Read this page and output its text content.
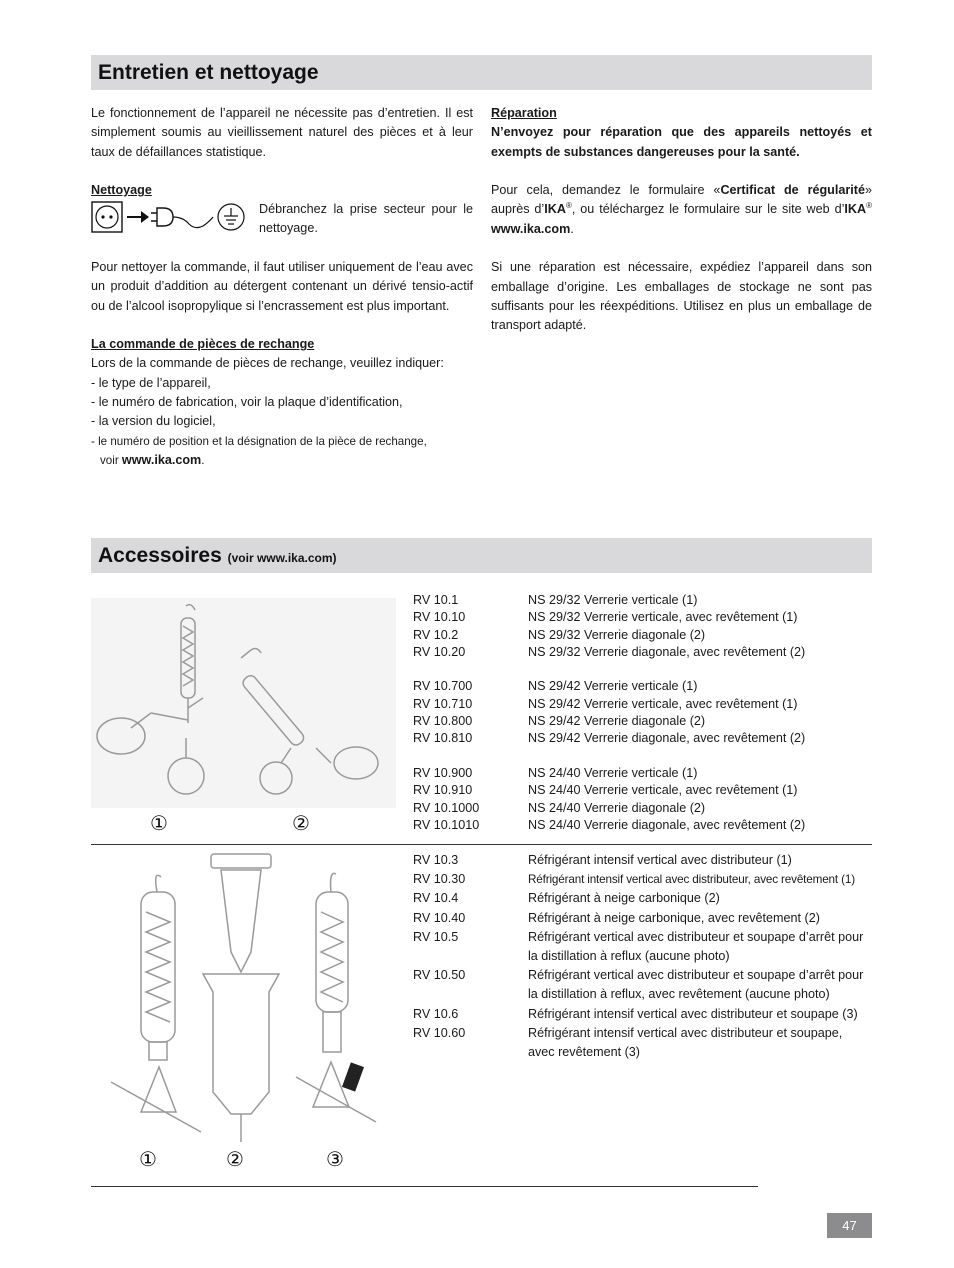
Entretien et nettoyage

Le fonctionnement de l’appareil ne nécessite pas d’entretien. Il est simplement soumis au vieillissement naturel des pièces et à leur taux de défaillances statistique.

Nettoyage

Débranchez la prise secteur pour le nettoyage.

Pour nettoyer la commande, il faut utiliser uniquement de l’eau avec un produit d’addition au détergent contenant un dérivé tensio-actif ou de l’alcool isopropylique si l’encrassement est plus important.

La commande de pièces de rechange

Lors de la commande de pièces de rechange, veuillez indiquer:

- le type de l’appareil,

- le numéro de fabrication, voir la plaque d’identification,

- la version du logiciel,

- le numéro de position et la désignation de la pièce de rechange,

voir www.ika.com.

Réparation

N’envoyez pour réparation que des appareils nettoyés et exempts de substances dangereuses pour la santé.

Pour cela, demandez le formulaire «Certificat de régularité» auprès d’IKA®, ou téléchargez le formulaire sur le site web d’IKA® www.ika.com.

Si une réparation est nécessaire, expédiez l’appareil dans son emballage d’origine. Les emballages de stockage ne sont pas suffisants pour les réexpéditions. Utilisez en plus un emballage de transport adapté.

Accessoires (voir www.ika.com)
①	②
RV 10.1	NS 29/32 Verrerie verticale (1)
RV 10.10	NS 29/32 Verrerie verticale, avec revêtement (1)
RV 10.2	NS 29/32 Verrerie diagonale (2)
RV 10.20	NS 29/32 Verrerie diagonale, avec revêtement (2)
RV 10.700	NS 29/42 Verrerie verticale (1)
RV 10.710	NS 29/42 Verrerie verticale, avec revêtement (1)
RV 10.800	NS 29/42 Verrerie diagonale (2)
RV 10.810	NS 29/42 Verrerie diagonale, avec revêtement (2)
RV 10.900	NS 24/40 Verrerie verticale (1)
RV 10.910	NS 24/40 Verrerie verticale, avec revêtement (1)
RV 10.1000	NS 24/40 Verrerie diagonale (2)
RV 10.1010	NS 24/40 Verrerie diagonale, avec revêtement (2)
①	②	③
RV 10.3	Réfrigérant intensif vertical avec distributeur (1)
RV 10.30	Réfrigérant intensif vertical avec distributeur, avec revêtement (1)
RV 10.4	Réfrigérant à neige carbonique (2)
RV 10.40	Réfrigérant à neige carbonique, avec revêtement (2)
RV 10.5	Réfrigérant vertical avec distributeur et soupape d’arrêt pour
la distillation à reflux (aucune photo)
RV 10.50	Réfrigérant vertical avec distributeur et soupape d’arrêt pour
la distillation à reflux, avec revêtement (aucune photo)
RV 10.6	Réfrigérant intensif vertical avec distributeur et soupape (3)
RV 10.60	Réfrigérant intensif vertical avec distributeur et soupape,
avec revêtement (3)
47
